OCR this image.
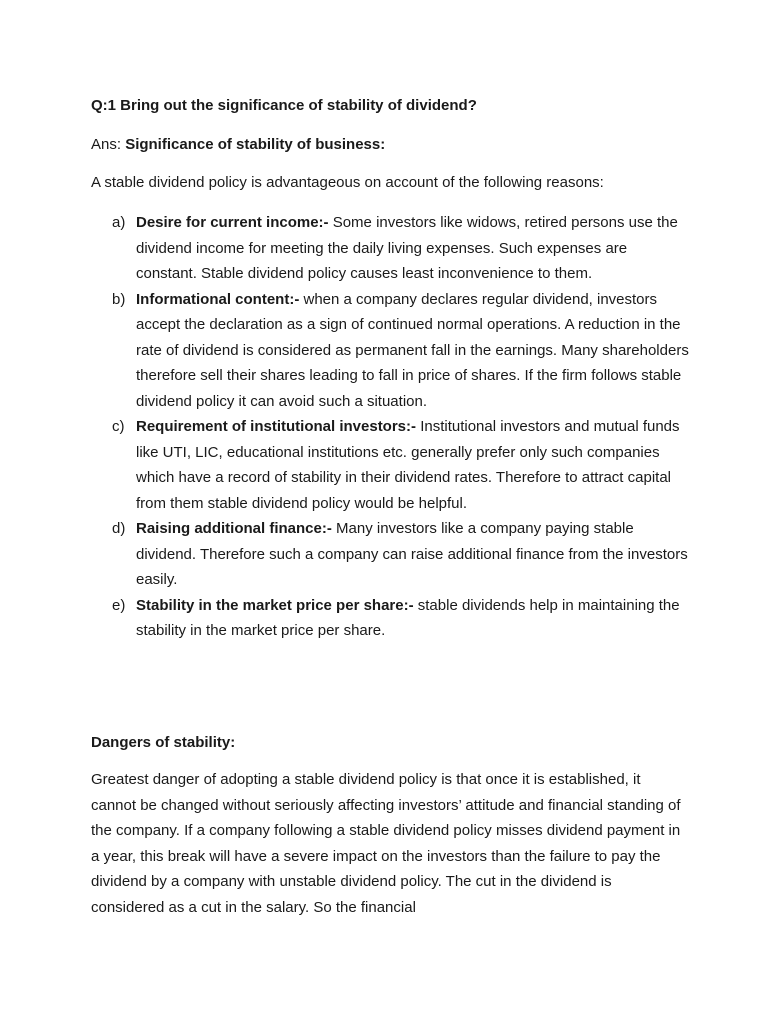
Q:1 Bring out the significance of stability of dividend?
Ans: Significance of stability of business:
A stable dividend policy is advantageous on account of the following reasons:
a) Desire for current income:- Some investors like widows, retired persons use the dividend income for meeting the daily living expenses. Such expenses are constant. Stable dividend policy causes least inconvenience to them.
b) Informational content:- when a company declares regular dividend, investors accept the declaration as a sign of continued normal operations. A reduction in the rate of dividend is considered as permanent fall in the earnings. Many shareholders therefore sell their shares leading to fall in price of shares. If the firm follows stable dividend policy it can avoid such a situation.
c) Requirement of institutional investors:- Institutional investors and mutual funds like UTI, LIC, educational institutions etc. generally prefer only such companies which have a record of stability in their dividend rates. Therefore to attract capital from them stable dividend policy would be helpful.
d) Raising additional finance:- Many investors like a company paying stable dividend. Therefore such a company can raise additional finance from the investors easily.
e) Stability in the market price per share:- stable dividends help in maintaining the stability in the market price per share.
Dangers of stability:
Greatest danger of adopting a stable dividend policy is that once it is established, it cannot be changed without seriously affecting investors’ attitude and financial standing of the company. If a company following a stable dividend policy misses dividend payment in a year, this break will have a severe impact on the investors than the failure to pay the dividend by a company with unstable dividend policy. The cut in the dividend is considered as a cut in the salary. So the financial
